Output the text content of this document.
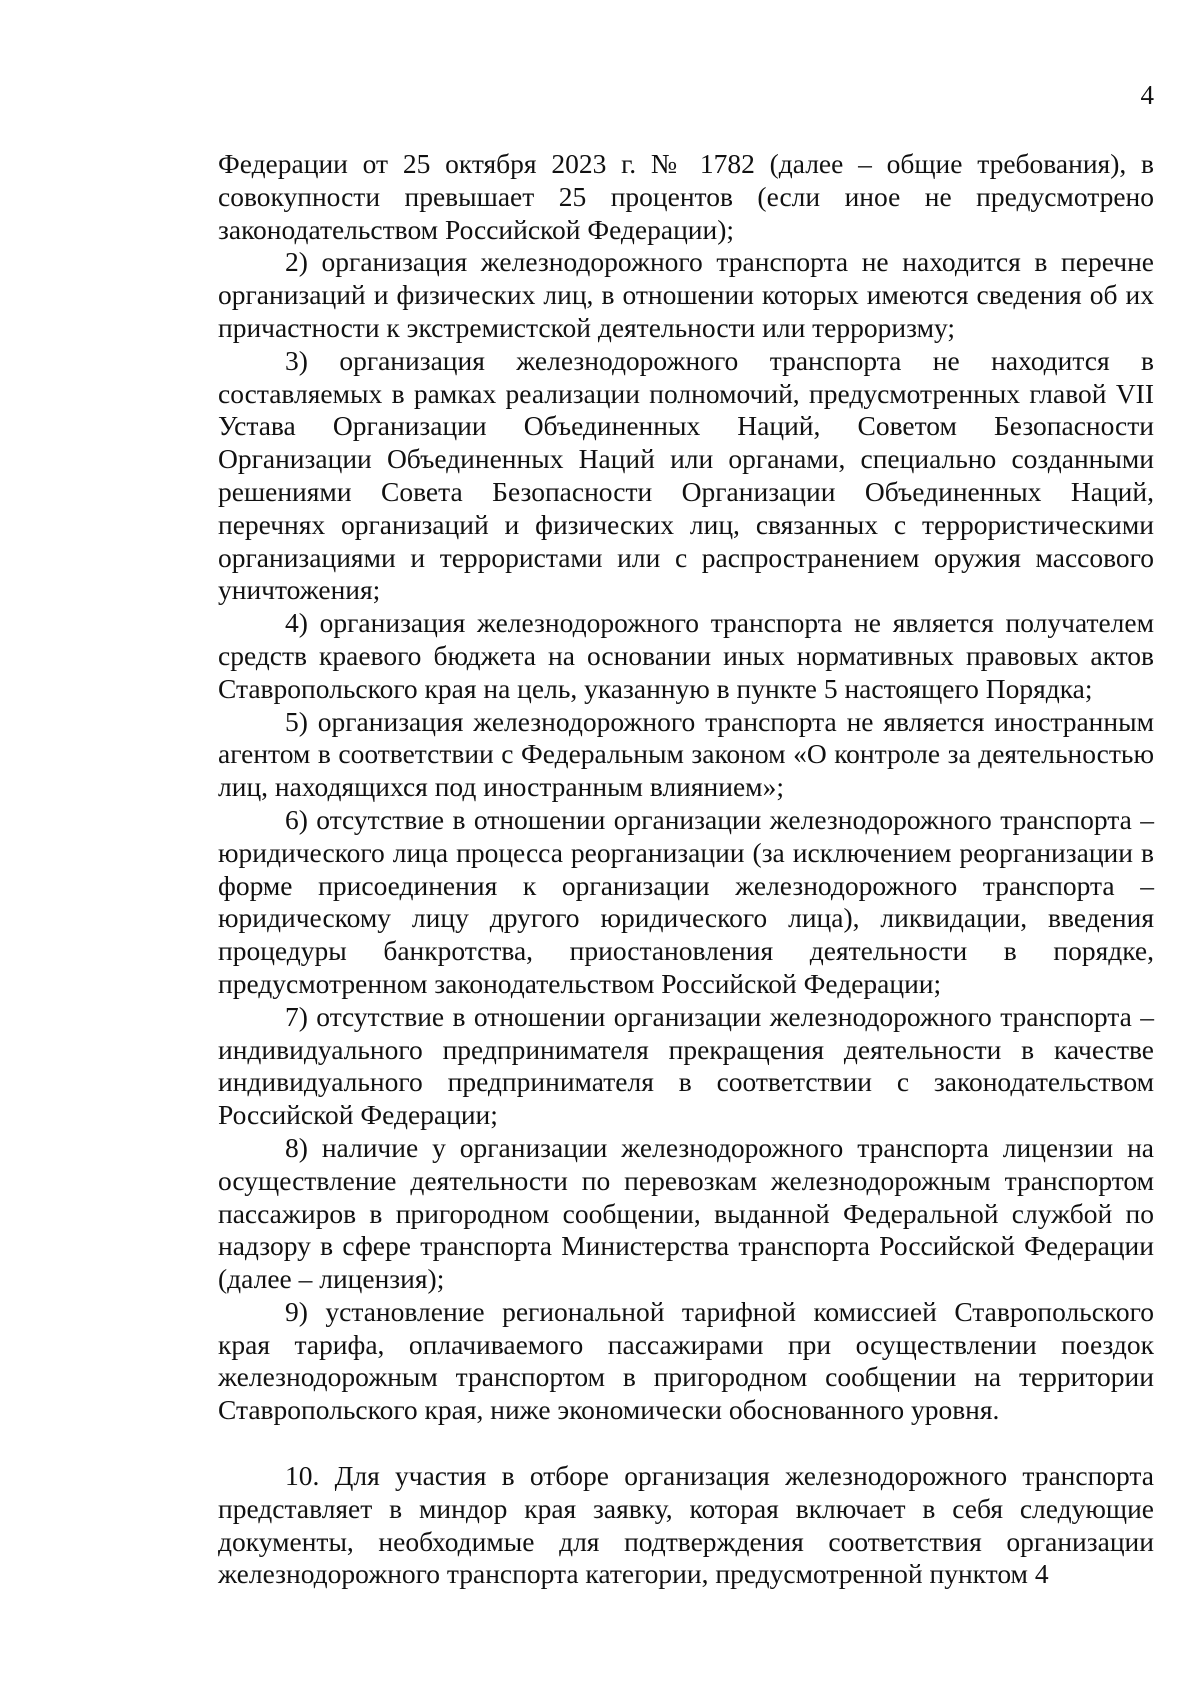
4

Федерации от 25 октября 2023 г. № 1782 (далее – общие требования), в совокупности превышает 25 процентов (если иное не предусмотрено законодательством Российской Федерации);

2) организация железнодорожного транспорта не находится в перечне организаций и физических лиц, в отношении которых имеются сведения об их причастности к экстремистской деятельности или терроризму;

3) организация железнодорожного транспорта не находится в составляемых в рамках реализации полномочий, предусмотренных главой VII Устава Организации Объединенных Наций, Советом Безопасности Организации Объединенных Наций или органами, специально созданными решениями Совета Безопасности Организации Объединенных Наций, перечнях организаций и физических лиц, связанных с террористическими организациями и террористами или с распространением оружия массового уничтожения;

4) организация железнодорожного транспорта не является получателем средств краевого бюджета на основании иных нормативных правовых актов Ставропольского края на цель, указанную в пункте 5 настоящего Порядка;

5) организация железнодорожного транспорта не является иностранным агентом в соответствии с Федеральным законом «О контроле за деятельностью лиц, находящихся под иностранным влиянием»;

6) отсутствие в отношении организации железнодорожного транспорта – юридического лица процесса реорганизации (за исключением реорганизации в форме присоединения к организации железнодорожного транспорта – юридическому лицу другого юридического лица), ликвидации, введения процедуры банкротства, приостановления деятельности в порядке, предусмотренном законодательством Российской Федерации;

7) отсутствие в отношении организации железнодорожного транспорта – индивидуального предпринимателя прекращения деятельности в качестве индивидуального предпринимателя в соответствии с законодательством Российской Федерации;

8) наличие у организации железнодорожного транспорта лицензии на осуществление деятельности по перевозкам железнодорожным транспортом пассажиров в пригородном сообщении, выданной Федеральной службой по надзору в сфере транспорта Министерства транспорта Российской Федерации (далее – лицензия);

9) установление региональной тарифной комиссией Ставропольского края тарифа, оплачиваемого пассажирами при осуществлении поездок железнодорожным транспортом в пригородном сообщении на территории Ставропольского края, ниже экономически обоснованного уровня.

10. Для участия в отборе организация железнодорожного транспорта представляет в миндор края заявку, которая включает в себя следующие документы, необходимые для подтверждения соответствия организации железнодорожного транспорта категории, предусмотренной пунктом 4
